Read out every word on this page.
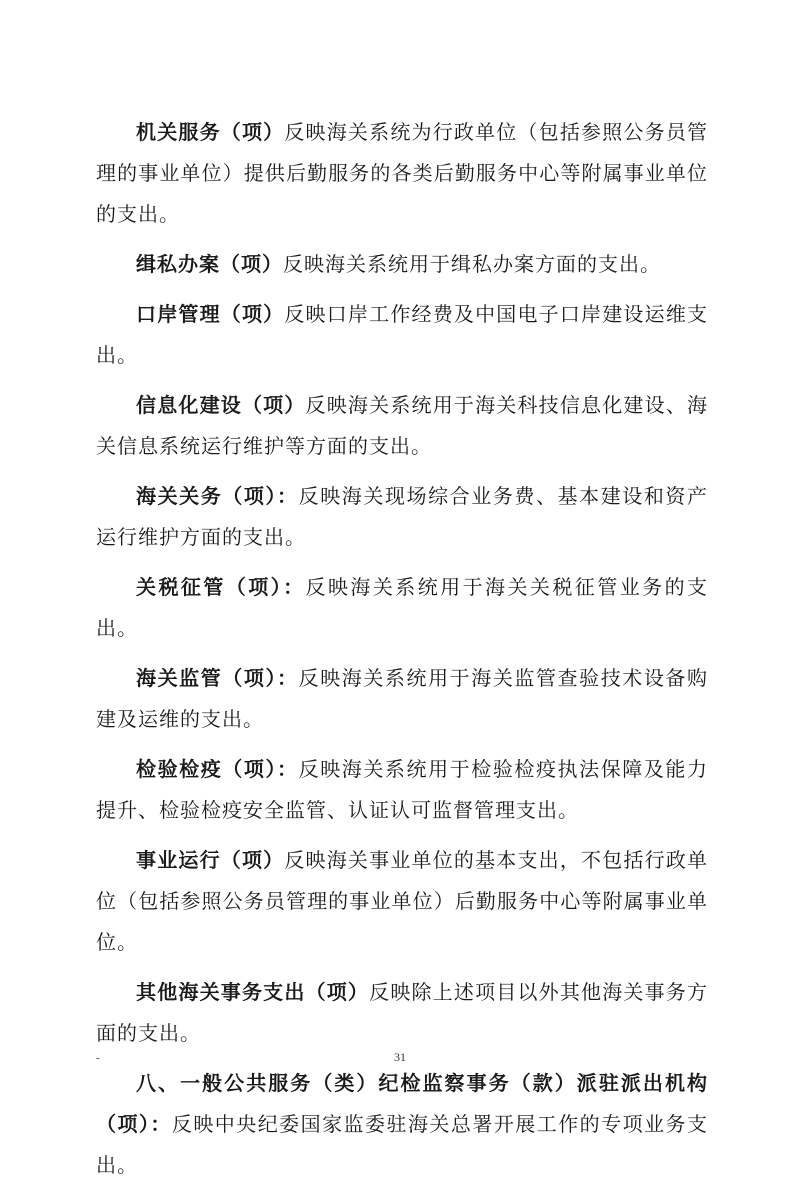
机关服务（项）反映海关系统为行政单位（包括参照公务员管理的事业单位）提供后勤服务的各类后勤服务中心等附属事业单位的支出。

缉私办案（项）反映海关系统用于缉私办案方面的支出。

口岸管理（项）反映口岸工作经费及中国电子口岸建设运维支出。

信息化建设（项）反映海关系统用于海关科技信息化建设、海关信息系统运行维护等方面的支出。

海关关务（项）：反映海关现场综合业务费、基本建设和资产运行维护方面的支出。

关税征管（项）：反映海关系统用于海关关税征管业务的支出。

海关监管（项）：反映海关系统用于海关监管查验技术设备购建及运维的支出。

检验检疫（项）：反映海关系统用于检验检疫执法保障及能力提升、检验检疫安全监管、认证认可监督管理支出。

事业运行（项）反映海关事业单位的基本支出，不包括行政单位（包括参照公务员管理的事业单位）后勤服务中心等附属事业单位。

其他海关事务支出（项）反映除上述项目以外其他海关事务方面的支出。

八、一般公共服务（类）纪检监察事务（款）派驻派出机构（项）：反映中央纪委国家监委驻海关总署开展工作的专项业务支出。

-	31
